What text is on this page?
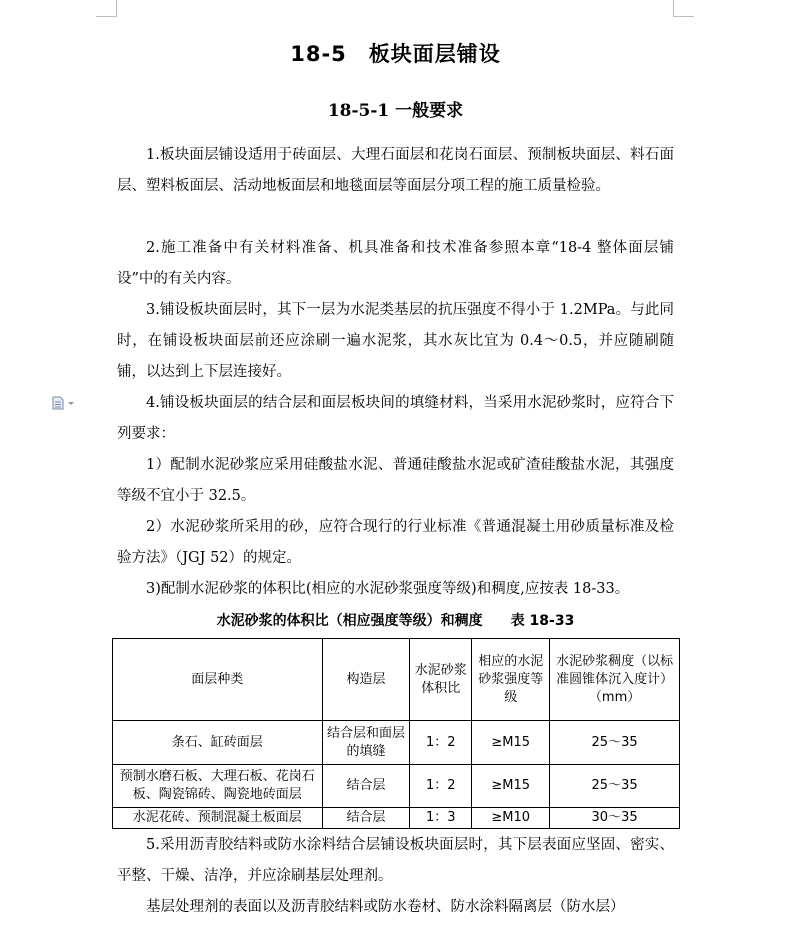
18-5　板块面层铺设
18-5-1 一般要求

1.板块面层铺设适用于砖面层、大理石面层和花岗石面层、预制板块面层、料石面层、塑料板面层、活动地板面层和地毯面层等面层分项工程的施工质量检验。

2.施工准备中有关材料准备、机具准备和技术准备参照本章“18-4 整体面层铺设”中的有关内容。

3.铺设板块面层时，其下一层为水泥类基层的抗压强度不得小于 1.2MPa。与此同时，在铺设板块面层前还应涂刷一遍水泥浆，其水灰比宜为 0.4～0.5，并应随刷随铺，以达到上下层连接好。

4.铺设板块面层的结合层和面层板块间的填缝材料，当采用水泥砂浆时，应符合下列要求：

1）配制水泥砂浆应采用硅酸盐水泥、普通硅酸盐水泥或矿渣硅酸盐水泥，其强度等级不宜小于 32.5。

2）水泥砂浆所采用的砂，应符合现行的行业标准《普通混凝土用砂质量标准及检验方法》（JGJ 52）的规定。

3)配制水泥砂浆的体积比(相应的水泥砂浆强度等级)和稠度,应按表 18-33。

水泥砂浆的体积比（相应强度等级）和稠度　　表 18-33
面层种类	构造层	水泥砂浆体积比	相应的水泥砂浆强度等级	水泥砂浆稠度（以标准圆锥体沉入度计）（mm）
条石、缸砖面层	结合层和面层的填缝	1：2	≥M15	25～35
预制水磨石板、大理石板、花岗石板、陶瓷锦砖、陶瓷地砖面层	结合层	1：2	≥M15	25～35
水泥花砖、预制混凝土板面层	结合层	1：3	≥M10	30～35

5.采用沥青胶结料或防水涂料结合层铺设板块面层时，其下层表面应坚固、密实、平整、干燥、洁净，并应涂刷基层处理剂。

基层处理剂的表面以及沥青胶结料或防水卷材、防水涂料隔离层（防水层）
